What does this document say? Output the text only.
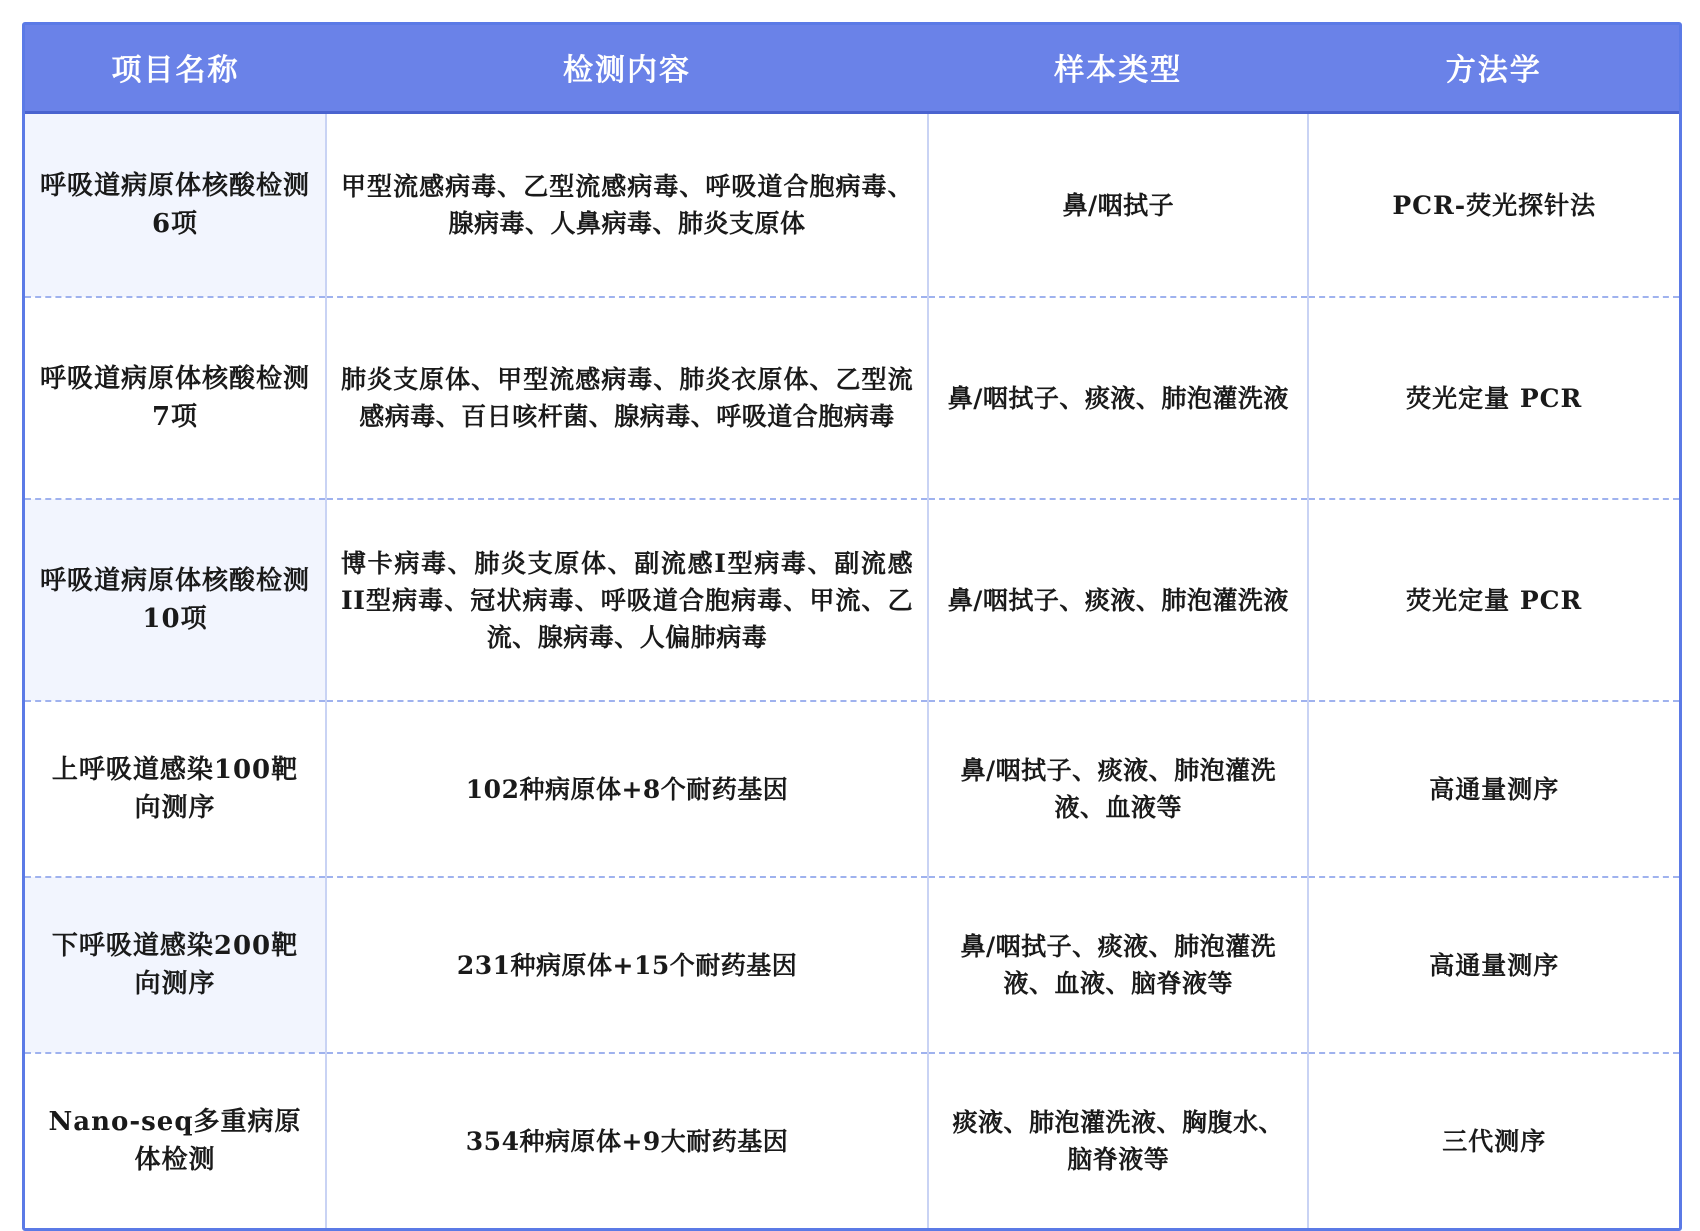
项目名称	检测内容	样本类型	方法学
呼吸道病原体核酸检测6项	甲型流感病毒、乙型流感病毒、呼吸道合胞病毒、腺病毒、人鼻病毒、肺炎支原体	鼻/咽拭子	PCR-荧光探针法
呼吸道病原体核酸检测7项	肺炎支原体、甲型流感病毒、肺炎衣原体、乙型流感病毒、百日咳杆菌、腺病毒、呼吸道合胞病毒	鼻/咽拭子、痰液、肺泡灌洗液	荧光定量 PCR
呼吸道病原体核酸检测10项	博卡病毒、肺炎支原体、副流感I型病毒、副流感II型病毒、冠状病毒、呼吸道合胞病毒、甲流、乙流、腺病毒、人偏肺病毒	鼻/咽拭子、痰液、肺泡灌洗液	荧光定量 PCR
上呼吸道感染100靶向测序	102种病原体+8个耐药基因	鼻/咽拭子、痰液、肺泡灌洗液、血液等	高通量测序
下呼吸道感染200靶向测序	231种病原体+15个耐药基因	鼻/咽拭子、痰液、肺泡灌洗液、血液、脑脊液等	高通量测序
Nano-seq多重病原体检测	354种病原体+9大耐药基因	痰液、肺泡灌洗液、胸腹水、脑脊液等	三代测序
